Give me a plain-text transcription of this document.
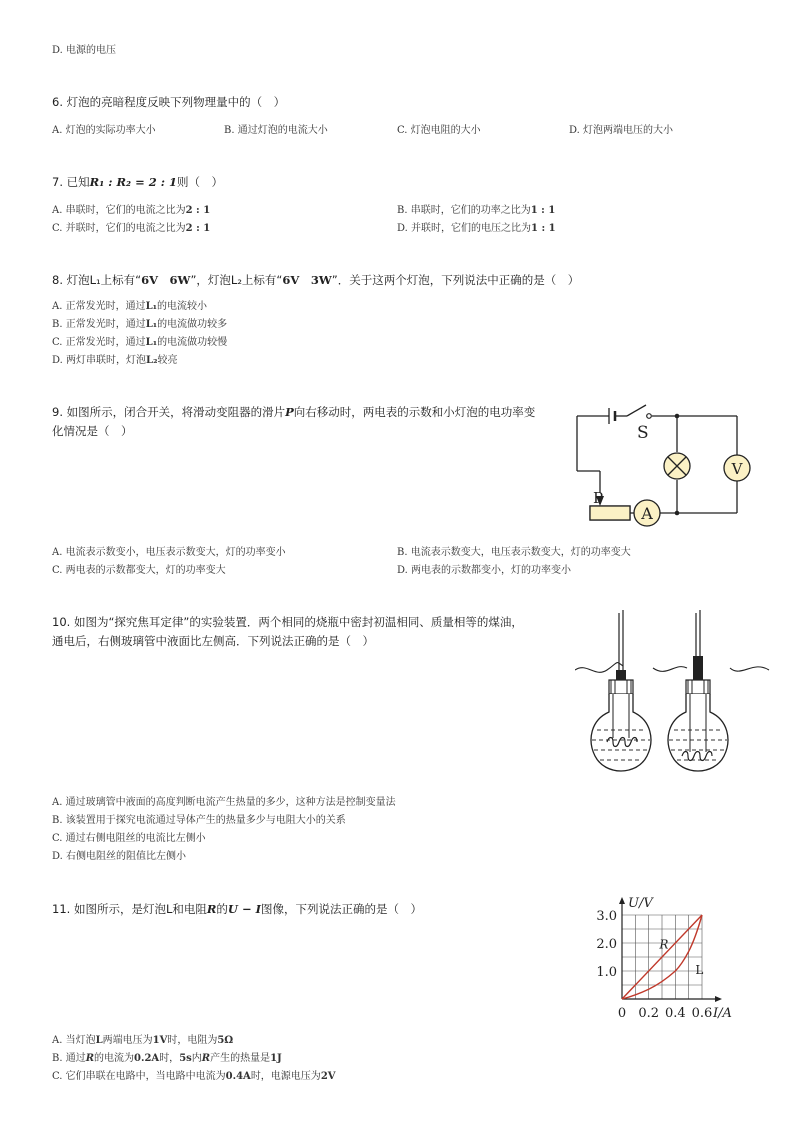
D. 电源的电压
6. 灯泡的亮暗程度反映下列物理量中的（　）
A. 灯泡的实际功率大小	B. 通过灯泡的电流大小	C. 灯泡电阻的大小	D. 灯泡两端电压的大小
7. 已知R₁ : R₂ = 2 : 1则（　）
A. 串联时，它们的电流之比为2 : 1	B. 串联时，它们的功率之比为1 : 1
C. 并联时，它们的电流之比为2 : 1	D. 并联时，它们的电压之比为1 : 1
8. 灯泡L₁上标有“6V　6W”，灯泡L₂上标有“6V　3W”．关于这两个灯泡，下列说法中正确的是（　）
A. 正常发光时，通过L₁的电流较小
B. 正常发光时，通过L₁的电流做功较多
C. 正常发光时，通过L₁的电流做功较慢
D. 两灯串联时，灯泡L₂较亮
9. 如图所示，闭合开关，将滑动变阻器的滑片P向右移动时，两电表的示数和小灯泡的电功率变
化情况是（　）
A
V
S
P
A. 电流表示数变小，电压表示数变大，灯的功率变小	B. 电流表示数变大，电压表示数变大，灯的功率变大
C. 两电表的示数都变大，灯的功率变大	D. 两电表的示数都变小，灯的功率变小
10. 如图为“探究焦耳定律”的实验装置．两个相同的烧瓶中密封初温相同、质量相等的煤油，
通电后，右侧玻璃管中液面比左侧高．下列说法正确的是（　）
A. 通过玻璃管中液面的高度判断电流产生热量的多少，这种方法是控制变量法
B. 该装置用于探究电流通过导体产生的热量多少与电阻大小的关系
C. 通过右侧电阻丝的电流比左侧小
D. 右侧电阻丝的阻值比左侧小
11. 如图所示，是灯泡L和电阻R的U − I图像，下列说法正确的是（　）
R
L
0 0.2 0.4 0.6
1.0
2.0
3.0
I/A
U/V
A. 当灯泡L两端电压为1V时，电阻为5Ω
B. 通过R的电流为0.2A时，5s内R产生的热量是1J
C. 它们串联在电路中，当电路中电流为0.4A时，电源电压为2V
